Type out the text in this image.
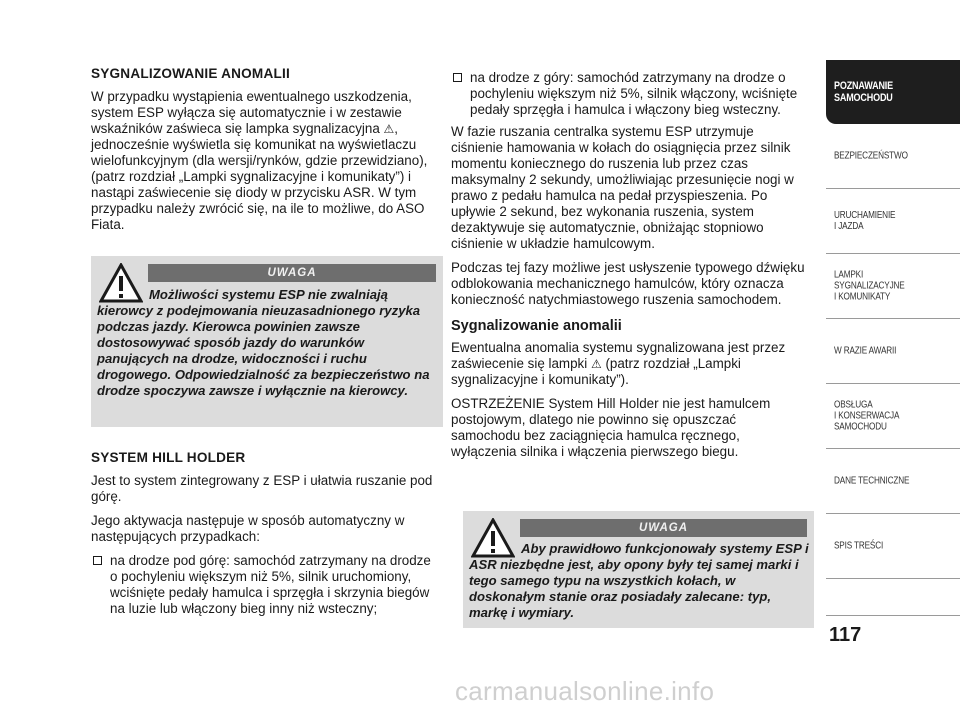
SYGNALIZOWANIE ANOMALII

W przypadku wystąpienia ewentualnego uszkodzenia, system ESP wyłącza się automatycznie i w zestawie wskaźników zaświeca się lampka sygnalizacyjna ⚠, jednocześnie wyświetla się komunikat na wyświetlaczu wielofunkcyjnym (dla wersji/rynków, gdzie przewidziano), (patrz rozdział „Lampki sygnalizacyjne i komunikaty”) i nastąpi zaświecenie się diody w przycisku ASR. W tym przypadku należy zwrócić się, na ile to możliwe, do ASO Fiata.

UWAGA
Możliwości systemu ESP nie zwalniają kierowcy z podejmowania nieuzasadnionego ryzyka podczas jazdy. Kierowca powinien zawsze dostosowywać sposób jazdy do warunków panujących na drodze, widoczności i ruchu drogowego. Odpowiedzialność za bezpieczeństwo na drodze spoczywa zawsze i wyłącznie na kierowcy.
SYSTEM HILL HOLDER

Jest to system zintegrowany z ESP i ułatwia ruszanie pod górę.

Jego aktywacja następuje w sposób automatyczny w następujących przypadkach:

na drodze pod górę: samochód zatrzymany na drodze o pochyleniu większym niż 5%, silnik uruchomiony, wciśnięte pedały hamulca i sprzęgła i skrzynia biegów na luzie lub włączony bieg inny niż wsteczny;
na drodze z góry: samochód zatrzymany na drodze o pochyleniu większym niż 5%, silnik włączony, wciśnięte pedały sprzęgła i hamulca i włączony bieg wsteczny.

W fazie ruszania centralka systemu ESP utrzymuje ciśnienie hamowania w kołach do osiągnięcia przez silnik momentu koniecznego do ruszenia lub przez czas maksymalny 2 sekundy, umożliwiając przesunięcie nogi w prawo z pedału hamulca na pedał przyspieszenia. Po upływie 2 sekund, bez wykonania ruszenia, system dezaktywuje się automatycznie, obniżając stopniowo ciśnienie w układzie hamulcowym.

Podczas tej fazy możliwe jest usłyszenie typowego dźwięku odblokowania mechanicznego hamulców, który oznacza konieczność natychmiastowego ruszenia samochodem.

Sygnalizowanie anomalii

Ewentualna anomalia systemu sygnalizowana jest przez zaświecenie się lampki ⚠ (patrz rozdział „Lampki sygnalizacyjne i komunikaty”).

OSTRZEŻENIE System Hill Holder nie jest hamulcem postojowym, dlatego nie powinno się opuszczać samochodu bez zaciągnięcia hamulca ręcznego, wyłączenia silnika i włączenia pierwszego biegu.

UWAGA
Aby prawidłowo funkcjonowały systemy ESP i ASR niezbędne jest, aby opony były tej samej marki i tego samego typu na wszystkich kołach, w doskonałym stanie oraz posiadały zalecane: typ, markę i wymiary.
POZNAWANIE
SAMOCHODU
BEZPIECZEŃSTWO
URUCHAMIENIE
I JAZDA
LAMPKI
SYGNALIZACYJNE
I KOMUNIKATY
W RAZIE AWARII
OBSŁUGA
I KONSERWACJA
SAMOCHODU
DANE TECHNICZNE
SPIS TREŚCI
117
carmanualsonline.info
